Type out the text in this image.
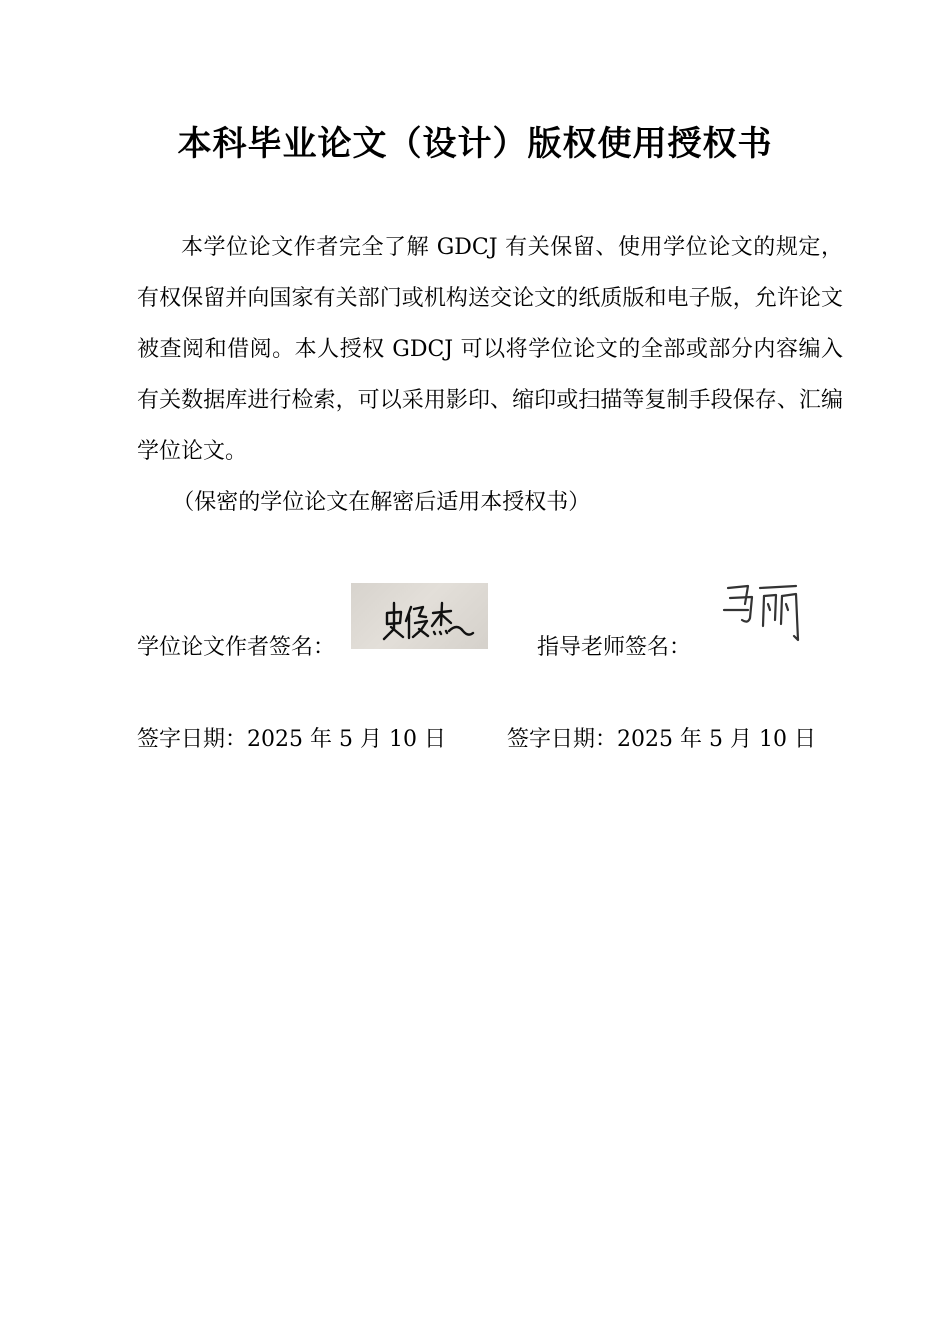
本科毕业论文（设计）版权使用授权书

本学位论文作者完全了解 GDCJ 有关保留、使用学位论文的规定，有权保留并向国家有关部门或机构送交论文的纸质版和电子版，允许论文被查阅和借阅。本人授权 GDCJ 可以将学位论文的全部或部分内容编入有关数据库进行检索，可以采用影印、缩印或扫描等复制手段保存、汇编学位论文。

（保密的学位论文在解密后适用本授权书）

学位论文作者签名：	指导老师签名：
签字日期：2025 年 5 月 10 日	签字日期：2025 年 5 月 10 日
